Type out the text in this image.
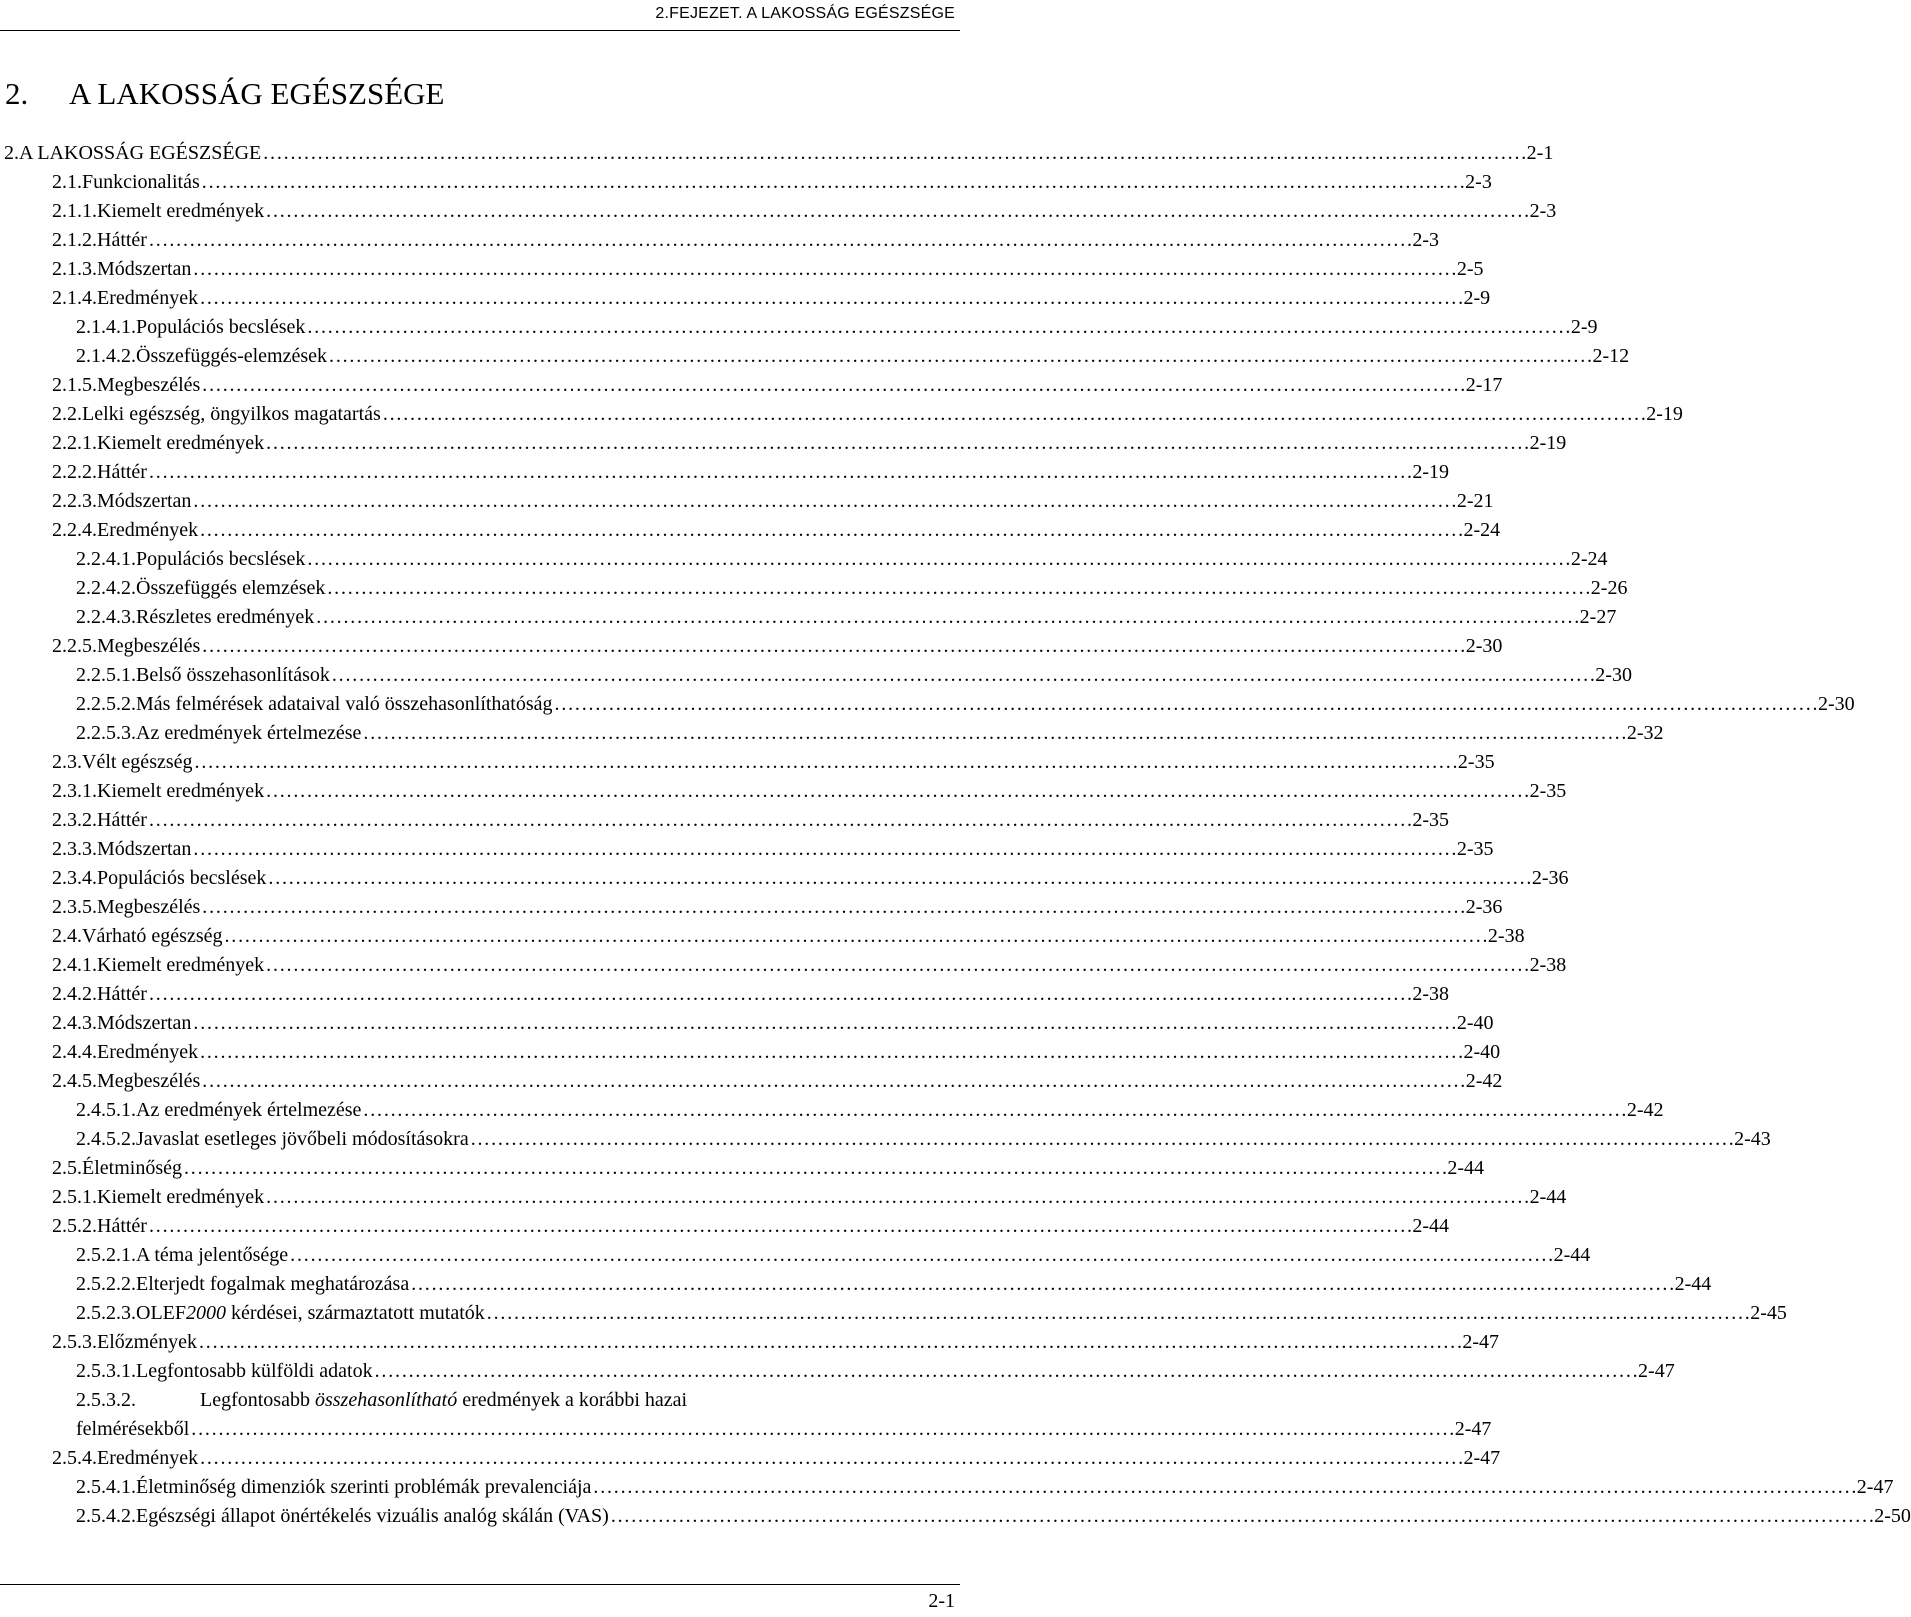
2.FEJEZET. A LAKOSSÁG EGÉSZSÉGE
2. A LAKOSSÁG EGÉSZSÉGE
2. A LAKOSSÁG EGÉSZSÉGE . . .	2-1
2.1. Funkcionalitás . . .	2-3
2.1.1. Kiemelt eredmények . . .	2-3
2.1.2. Háttér . . .	2-3
2.1.3. Módszertan . . .	2-5
2.1.4. Eredmények . . .	2-9
2.1.4.1. Populációs becslések . . .	2-9
2.1.4.2. Összefüggés-elemzések . . .	2-12
2.1.5. Megbeszélés . . .	2-17
2.2. Lelki egészség, öngyilkos magatartás . . .	2-19
2.2.1. Kiemelt eredmények . . .	2-19
2.2.2. Háttér . . .	2-19
2.2.3. Módszertan . . .	2-21
2.2.4. Eredmények . . .	2-24
2.2.4.1. Populációs becslések . . .	2-24
2.2.4.2. Összefüggés elemzések . . .	2-26
2.2.4.3. Részletes eredmények . . .	2-27
2.2.5. Megbeszélés . . .	2-30
2.2.5.1. Belső összehasonlítások . . .	2-30
2.2.5.2. Más felmérések adataival való összehasonlíthatóság . . .	2-30
2.2.5.3. Az eredmények értelmezése . . .	2-32
2.3. Vélt egészség . . .	2-35
2.3.1. Kiemelt eredmények . . .	2-35
2.3.2. Háttér . . .	2-35
2.3.3. Módszertan . . .	2-35
2.3.4. Populációs becslések . . .	2-36
2.3.5. Megbeszélés . . .	2-36
2.4. Várható egészség . . .	2-38
2.4.1. Kiemelt eredmények . . .	2-38
2.4.2. Háttér . . .	2-38
2.4.3. Módszertan . . .	2-40
2.4.4. Eredmények . . .	2-40
2.4.5. Megbeszélés . . .	2-42
2.4.5.1. Az eredmények értelmezése . . .	2-42
2.4.5.2. Javaslat esetleges jövőbeli módosításokra . . .	2-43
2.5. Életminőség . . .	2-44
2.5.1. Kiemelt eredmények . . .	2-44
2.5.2. Háttér . . .	2-44
2.5.2.1. A téma jelentősége . . .	2-44
2.5.2.2. Elterjedt fogalmak meghatározása . . .	2-44
2.5.2.3. OLEF2000 kérdései, származtatott mutatók . . .	2-45
2.5.3. Előzmények . . .	2-47
2.5.3.1. Legfontosabb külföldi adatok . . .	2-47
2.5.3.2.	Legfontosabb összehasonlítható eredmények a korábbi hazai
felmérésekből . . .	2-47
2.5.4. Eredmények . . .	2-47
2.5.4.1. Életminőség dimenziók szerinti problémák prevalenciája . . .	2-47
2.5.4.2. Egészségi állapot önértékelés vizuális analóg skálán (VAS) . . .	2-50
2-1
